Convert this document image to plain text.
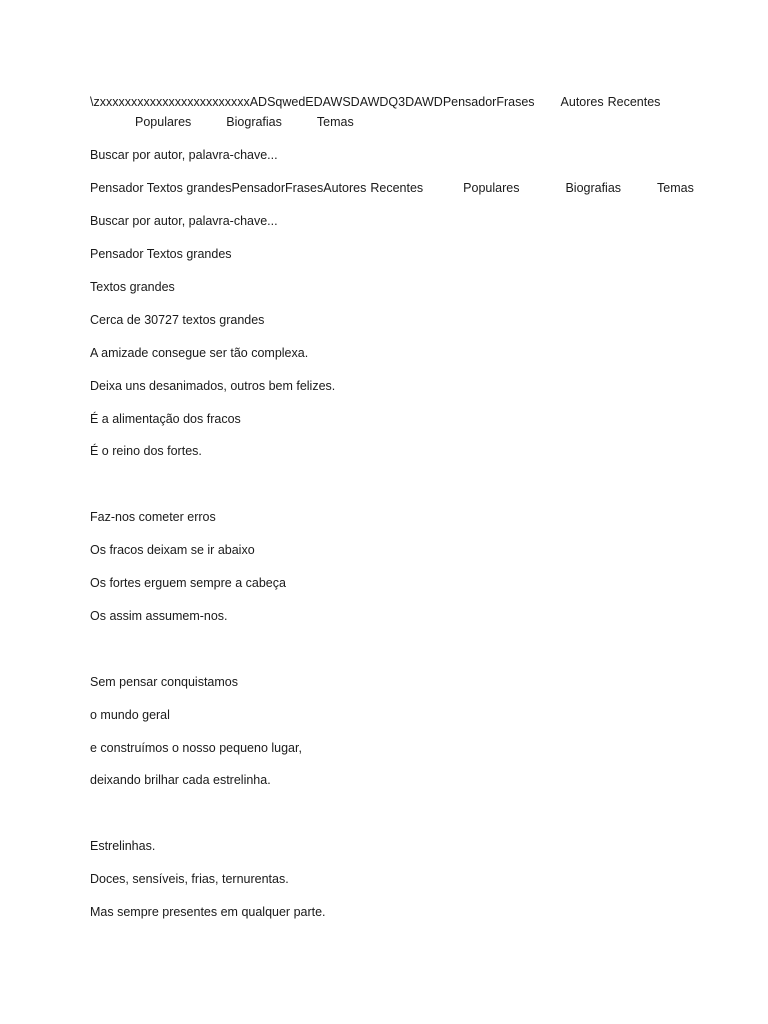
\zxxxxxxxxxxxxxxxxxxxxxxxxADSqwedEDAWSDAWDQ3DAWDPensadorFrases Autores Recentes
Populares	Biografias	Temas
Buscar por autor, palavra-chave...
Pensador Textos grandesPensadorFrasesAutores Recentes	Populares	Biografias	Temas
Buscar por autor, palavra-chave...
Pensador Textos grandes
Textos grandes
Cerca de 30727 textos grandes
A amizade consegue ser tão complexa.
Deixa uns desanimados, outros bem felizes.
É a alimentação dos fracos
É o reino dos fortes.
Faz-nos cometer erros
Os fracos deixam se ir abaixo
Os fortes erguem sempre a cabeça
Os assim assumem-nos.
Sem pensar conquistamos
o mundo geral
e construímos o nosso pequeno lugar,
deixando brilhar cada estrelinha.
Estrelinhas.
Doces, sensíveis, frias, ternurentas.
Mas sempre presentes em qualquer parte.
